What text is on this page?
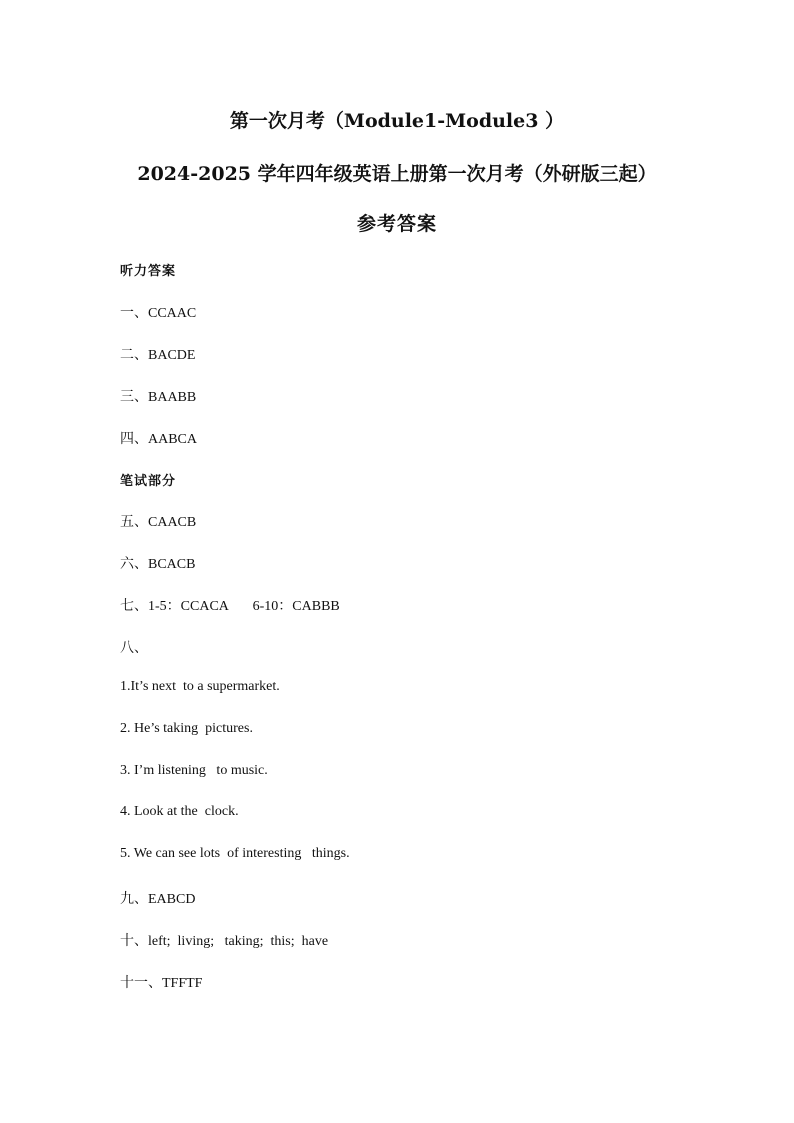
第一次月考（Module1-Module3 ）
2024-2025 学年四年级英语上册第一次月考（外研版三起）
参考答案
听力答案
一、CCAAC
二、BACDE
三、BAABB
四、AABCA
笔试部分
五、CAACB
六、BCACB
七、1-5：CCACA       6-10：CABBB
八、
1.It’s next  to a supermarket.
2. He’s taking  pictures.
3. I’m listening   to music.
4. Look at the  clock.
5. We can see lots  of interesting   things.
九、EABCD
十、left;  living;   taking;  this;  have
十一、TFFTF
